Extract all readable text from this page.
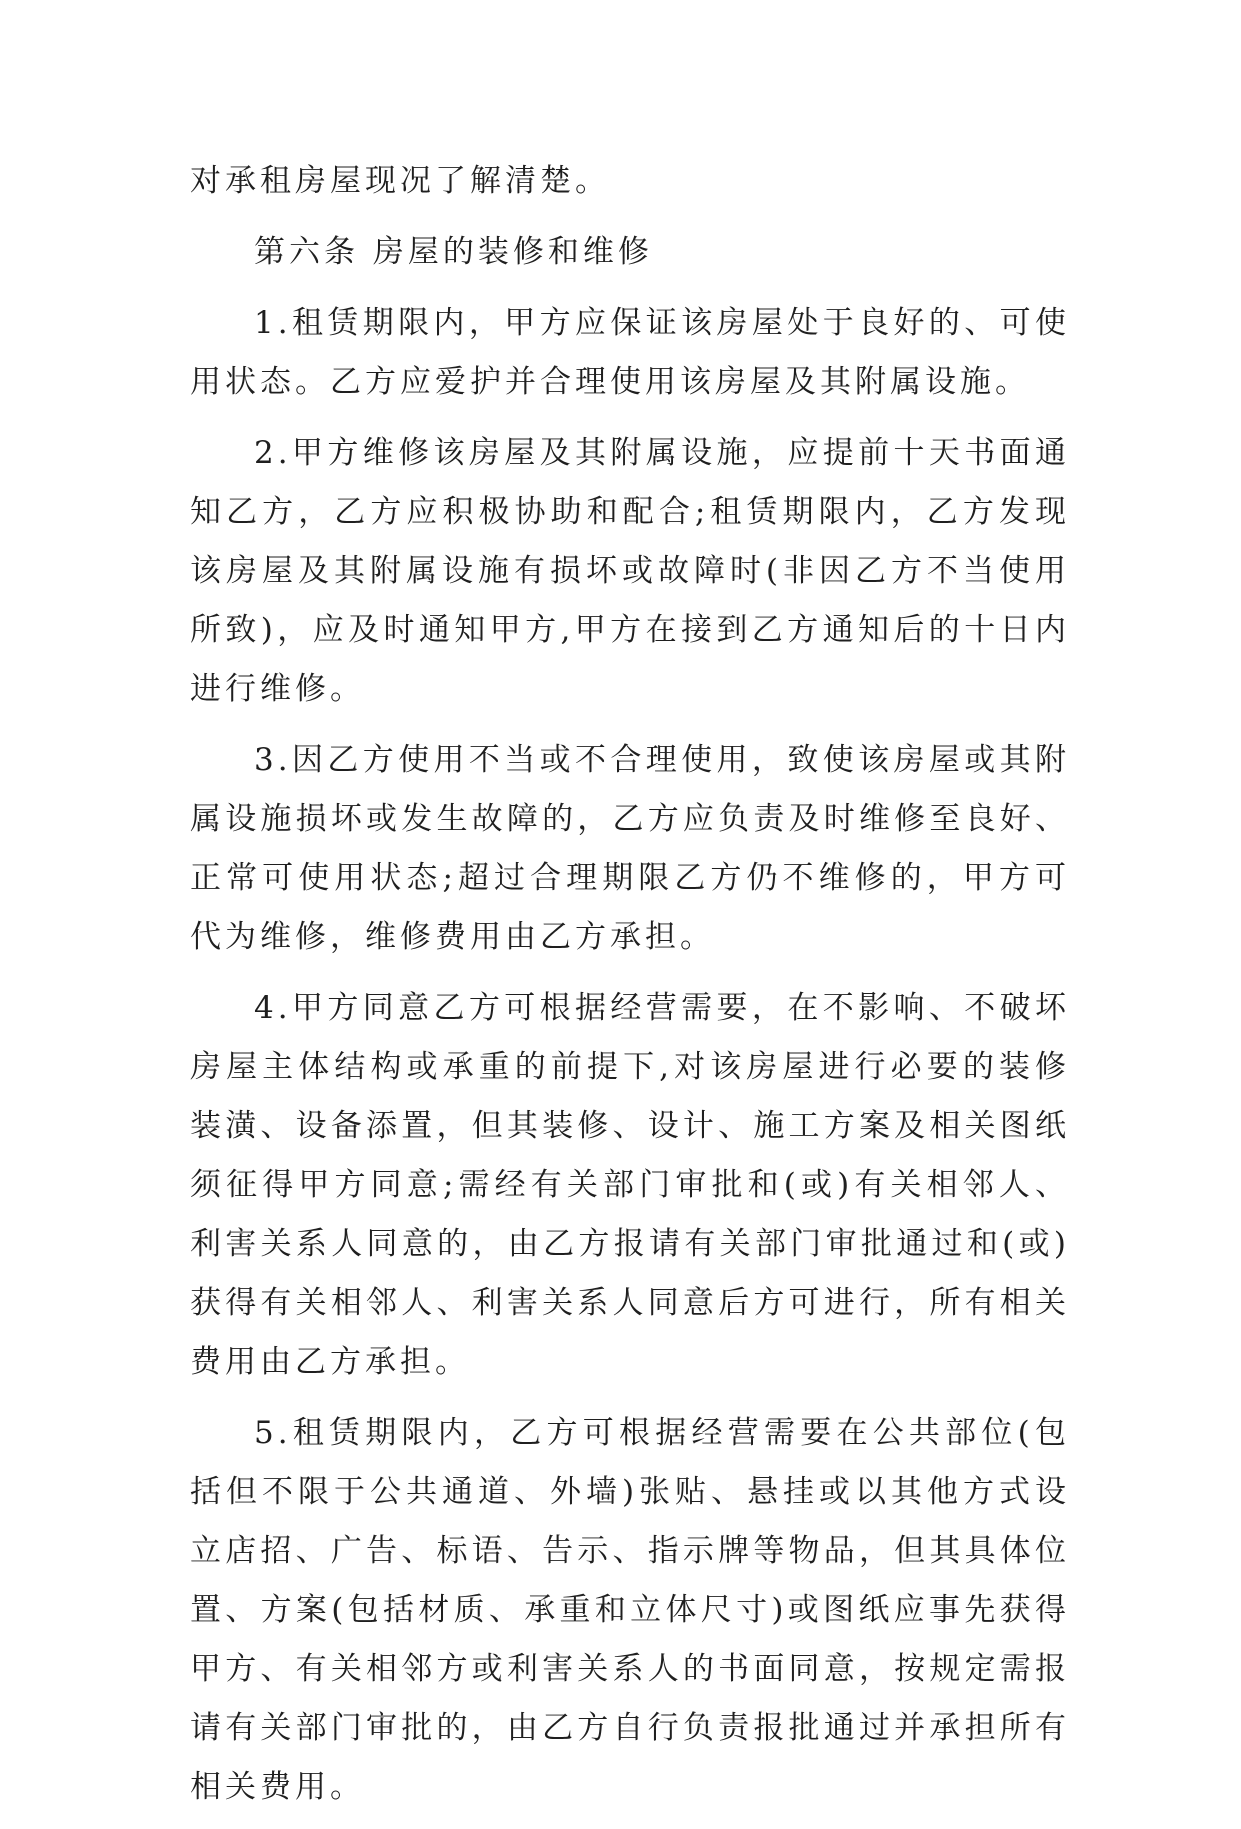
对承租房屋现况了解清楚。

第六条 房屋的装修和维修

1.租赁期限内，甲方应保证该房屋处于良好的、可使用状态。乙方应爱护并合理使用该房屋及其附属设施。

2.甲方维修该房屋及其附属设施，应提前十天书面通知乙方，乙方应积极协助和配合;租赁期限内，乙方发现该房屋及其附属设施有损坏或故障时(非因乙方不当使用所致)，应及时通知甲方,甲方在接到乙方通知后的十日内进行维修。

3.因乙方使用不当或不合理使用，致使该房屋或其附属设施损坏或发生故障的，乙方应负责及时维修至良好、正常可使用状态;超过合理期限乙方仍不维修的，甲方可代为维修，维修费用由乙方承担。

4.甲方同意乙方可根据经营需要，在不影响、不破坏房屋主体结构或承重的前提下,对该房屋进行必要的装修装潢、设备添置，但其装修、设计、施工方案及相关图纸须征得甲方同意;需经有关部门审批和(或)有关相邻人、利害关系人同意的，由乙方报请有关部门审批通过和(或)获得有关相邻人、利害关系人同意后方可进行，所有相关费用由乙方承担。

5.租赁期限内，乙方可根据经营需要在公共部位(包括但不限于公共通道、外墙)张贴、悬挂或以其他方式设立店招、广告、标语、告示、指示牌等物品，但其具体位置、方案(包括材质、承重和立体尺寸)或图纸应事先获得甲方、有关相邻方或利害关系人的书面同意，按规定需报请有关部门审批的，由乙方自行负责报批通过并承担所有相关费用。
